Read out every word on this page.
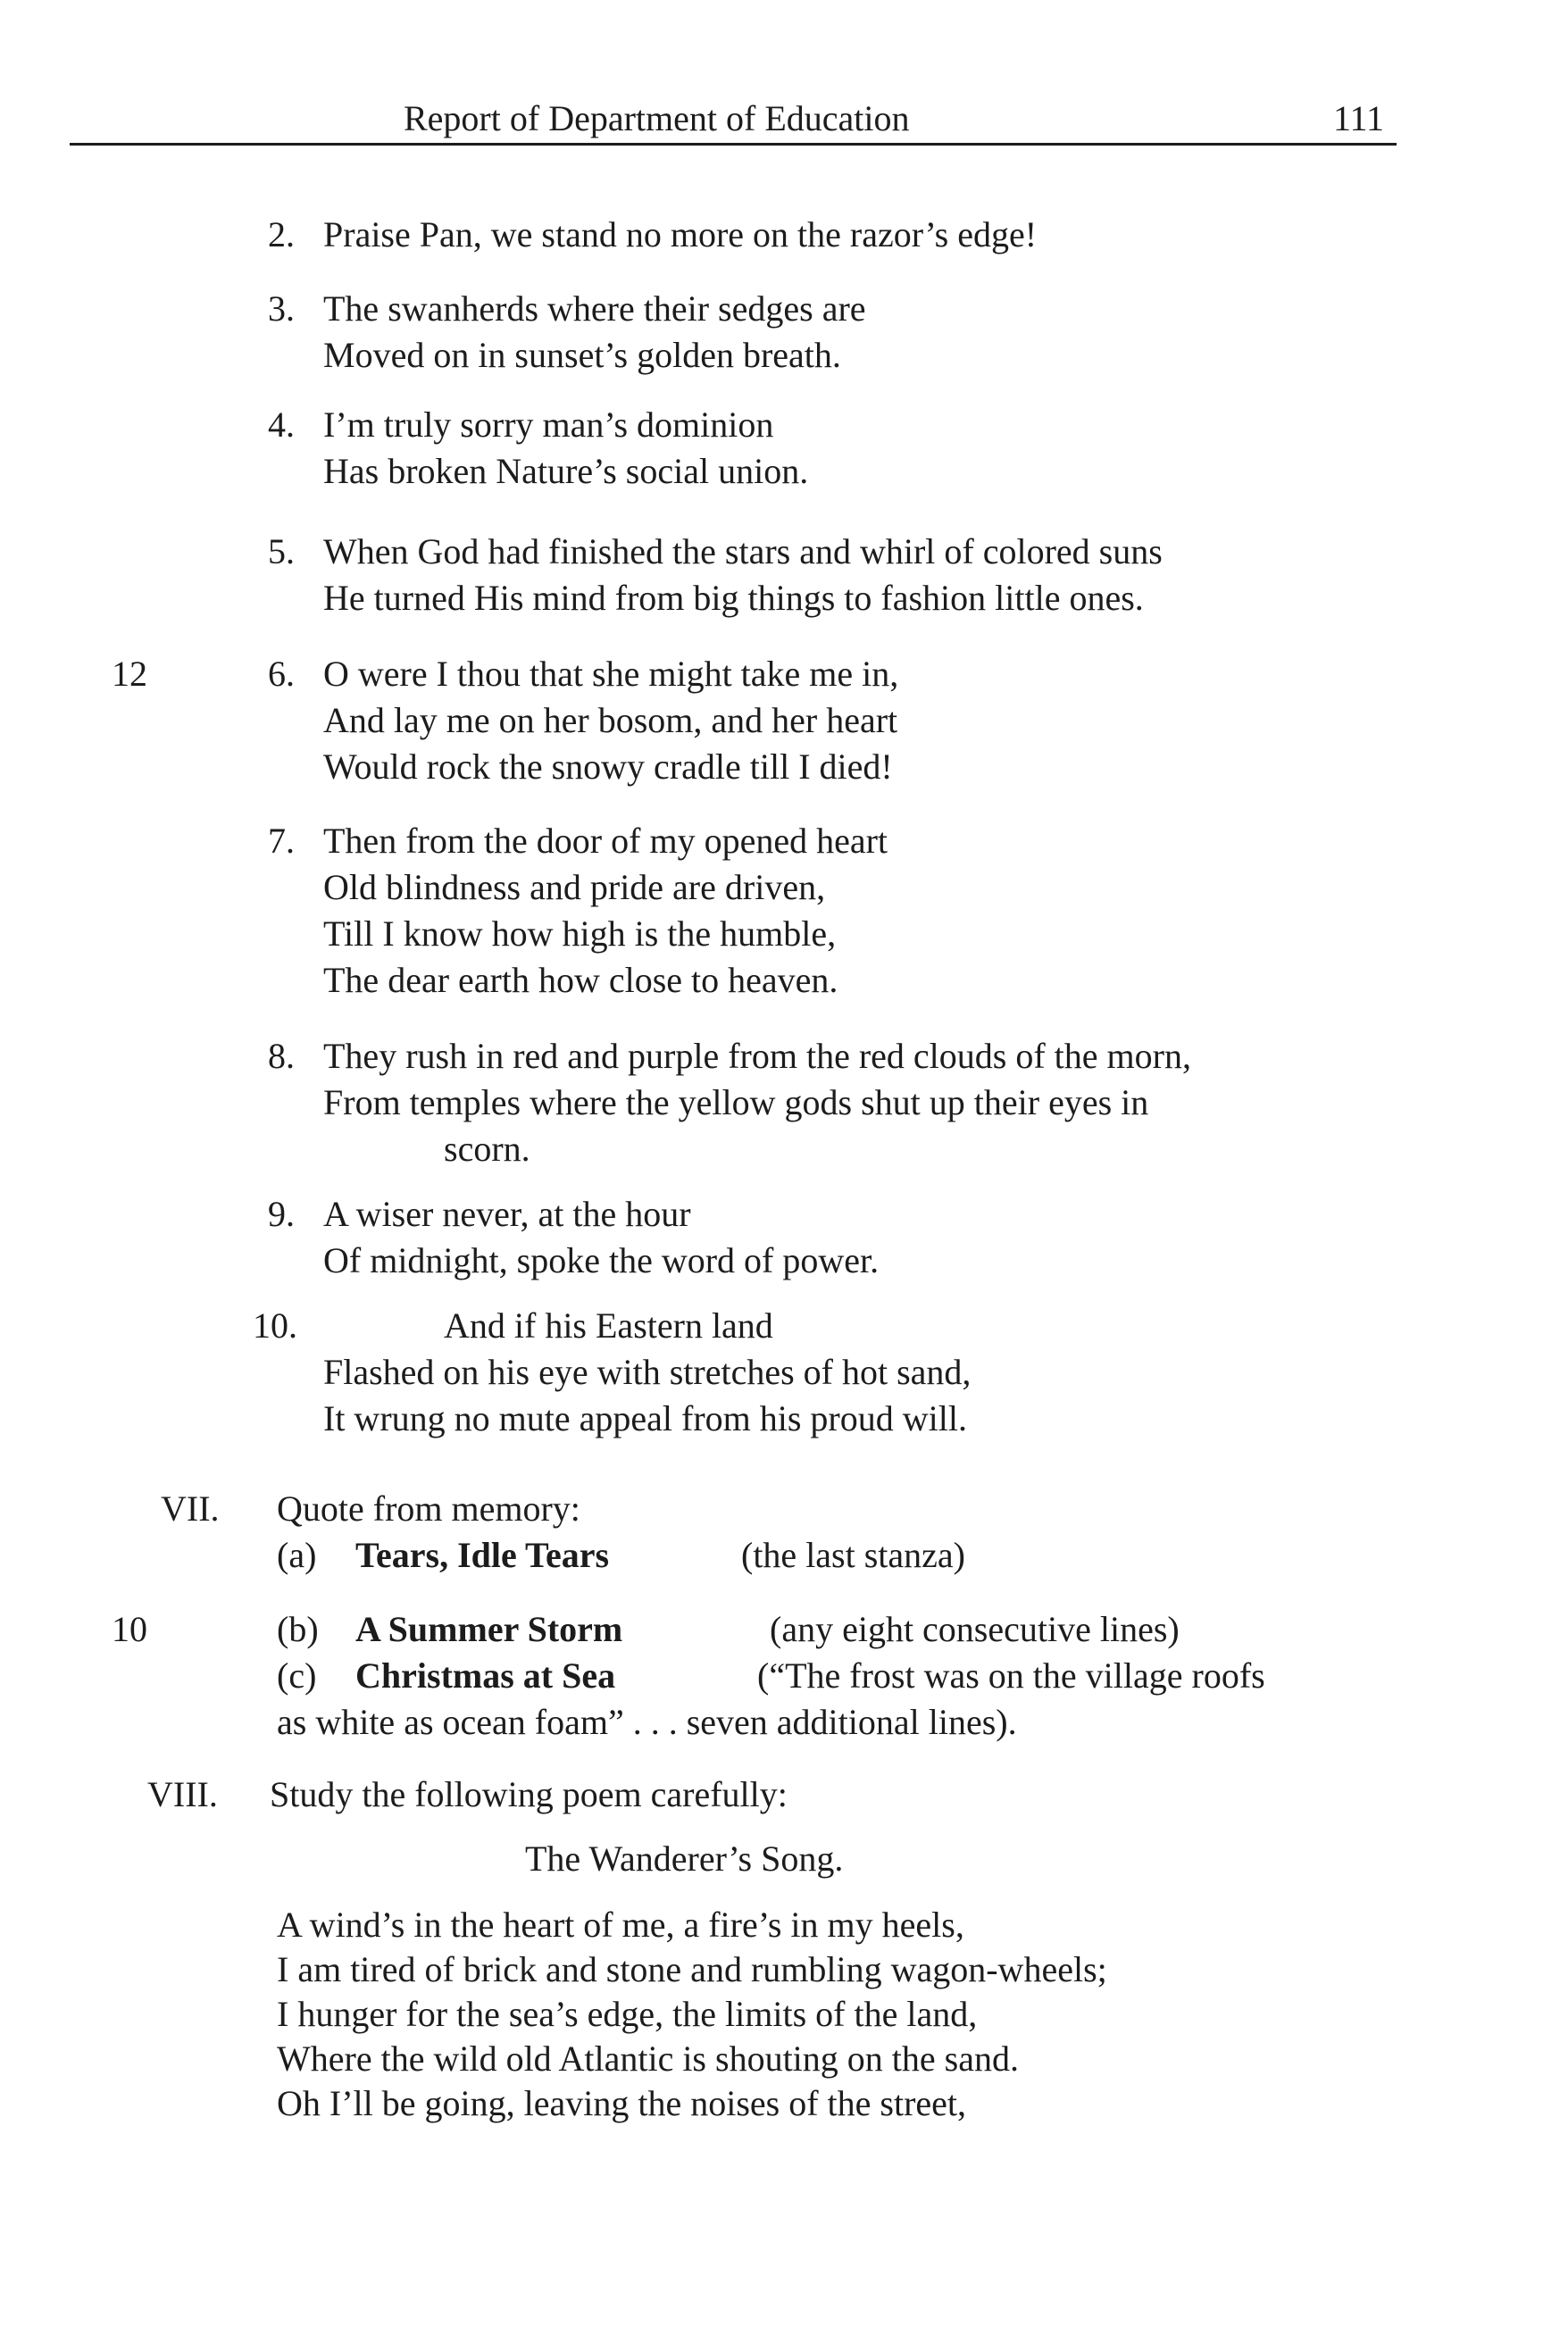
Report of Department of Education	111
2. Praise Pan, we stand no more on the razor’s edge!
3. The swanherds where their sedges are
Moved on in sunset’s golden breath.
4. I’m truly sorry man’s dominion
Has broken Nature’s social union.
5. When God had finished the stars and whirl of colored suns
He turned His mind from big things to fashion little ones.
12	6. O were I thou that she might take me in,
And lay me on her bosom, and her heart
Would rock the snowy cradle till I died!
7. Then from the door of my opened heart
Old blindness and pride are driven,
Till I know how high is the humble,
The dear earth how close to heaven.
8. They rush in red and purple from the red clouds of the morn,
From temples where the yellow gods shut up their eyes in
scorn.
9. A wiser never, at the hour
Of midnight, spoke the word of power.
10.	And if his Eastern land
Flashed on his eye with stretches of hot sand,
It wrung no mute appeal from his proud will.
VII. Quote from memory:
(a) Tears, Idle Tears	(the last stanza)
10	(b) A Summer Storm	(any eight consecutive lines)
(c) Christmas at Sea	(“The frost was on the village roofs
as white as ocean foam” . . . seven additional lines).
VIII. Study the following poem carefully:
The Wanderer’s Song.
A wind’s in the heart of me, a fire’s in my heels,
I am tired of brick and stone and rumbling wagon-wheels;
I hunger for the sea’s edge, the limits of the land,
Where the wild old Atlantic is shouting on the sand.
Oh I’ll be going, leaving the noises of the street,
